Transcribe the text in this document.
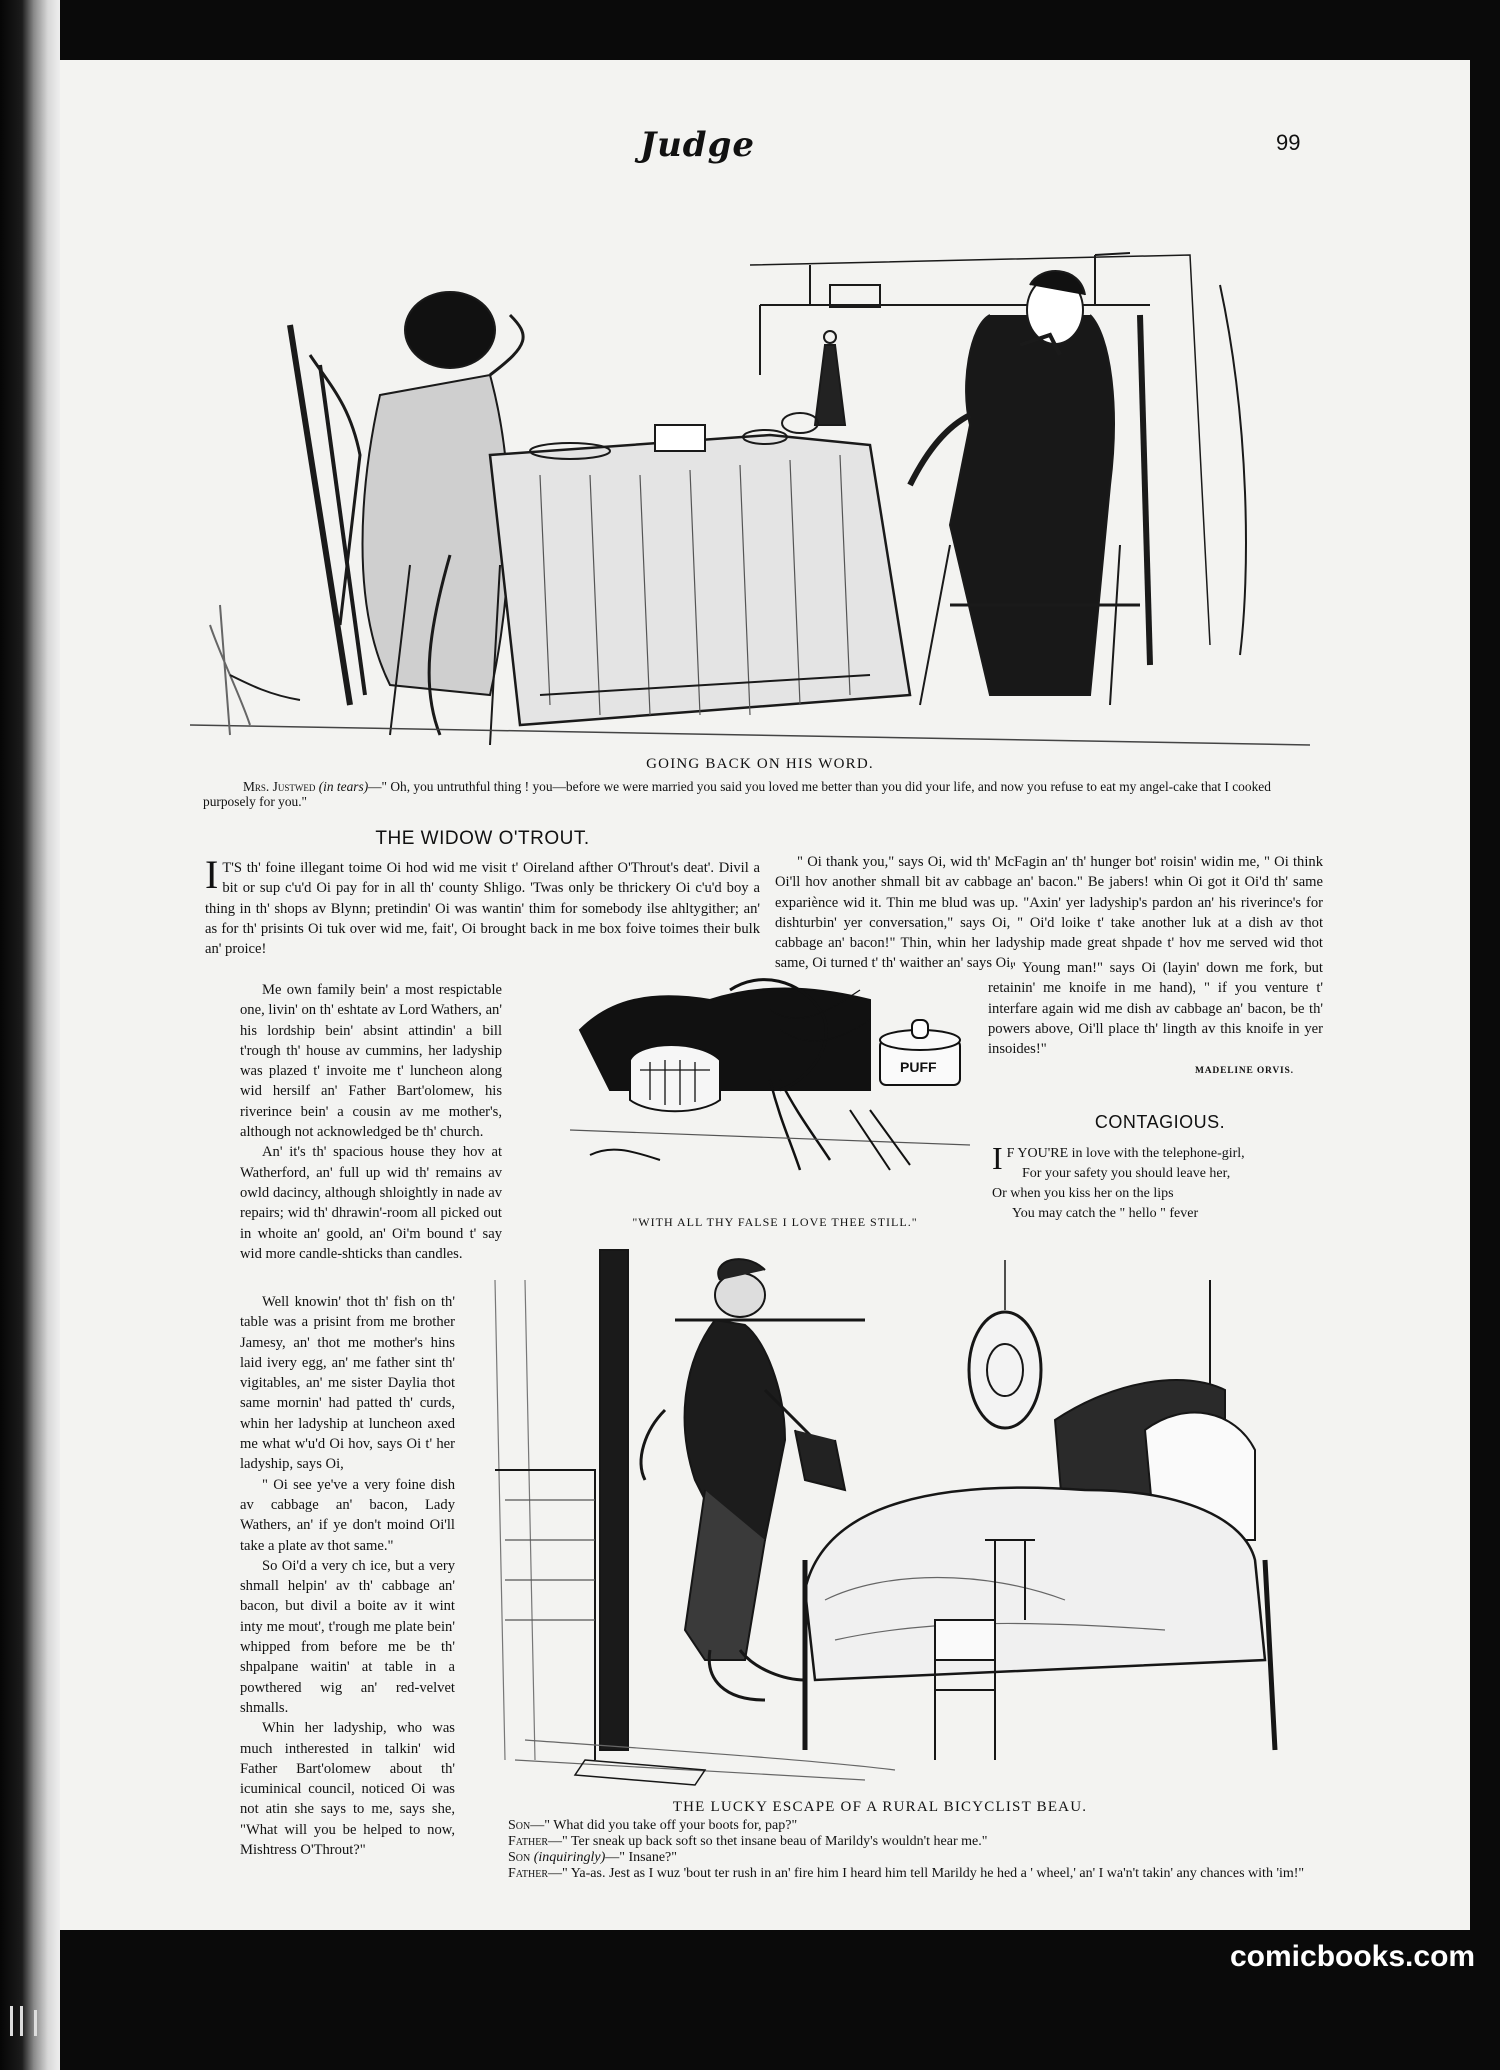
Judge	99
GOING BACK ON HIS WORD.
Mrs. Justwed (in tears)—" Oh, you untruthful thing ! you—before we were married you said you loved me better than you did your life, and now you refuse to eat my angel-cake that I cooked purposely for you."
THE WIDOW O'TROUT.

I T'S th' foine illegant toime Oi hod wid me visit t' Oireland afther O'Throut's deat'. Divil a bit or sup c'u'd Oi pay for in all th' county Shligo. 'Twas only be thrickery Oi c'u'd boy a thing in th' shops av Blynn; pretindin' Oi was wantin' thim for somebody ilse ahltygither; an' as for th' prisints Oi tuk over wid me, fait', Oi brought back in me box foive toimes their bulk an' proice!

Me own family bein' a most respictable one, livin' on th' eshtate av Lord Wathers, an' his lordship bein' absint attindin' a bill t'rough th' house av cummins, her ladyship was plazed t' invoite me t' luncheon along wid hersilf an' Father Bart'olomew, his riverince bein' a cousin av me mother's, although not acknowledged be th' church.

An' it's th' spacious house they hov at Watherford, an' full up wid th' remains av owld dacincy, although shloightly in nade av repairs; wid th' dhrawin'-room all picked out in whoite an' goold, an' Oi'm bound t' say wid more candle-shticks than candles.

Well knowin' thot th' fish on th' table was a prisint from me brother Jamesy, an' thot me mother's hins laid ivery egg, an' me father sint th' vigitables, an' me sister Daylia thot same mornin' had patted th' curds, whin her ladyship at luncheon axed me what w'u'd Oi hov, says Oi t' her ladyship, says Oi,

" Oi see ye've a very foine dish av cabbage an' bacon, Lady Wathers, an' if ye don't moind Oi'll take a plate av thot same."

So Oi'd a very ch ice, but a very shmall helpin' av th' cabbage an' bacon, but divil a boite av it wint inty me mout', t'rough me plate bein' whipped from before me be th' shpalpane waitin' at table in a powthered wig an' red-velvet shmalls.

Whin her ladyship, who was much intherested in talkin' wid Father Bart'olomew about th' icuminical council, noticed Oi was not atin she says to me, says she, "What will you be helped to now, Mishtress O'Throut?"

" Oi thank you," says Oi, wid th' McFagin an' th' hunger bot' roisin' widin me, " Oi think Oi'll hov another shmall bit av cabbage an' bacon." Be jabers! whin Oi got it Oi'd th' same expariènce wid it. Thin me blud was up. "Axin' yer ladyship's pardon an' his riverince's for dishturbin' yer conversation," says Oi, " Oi'd loike t' take another luk at a dish av thot cabbage an' bacon!" Thin, whin her ladyship made great shpade t' hov me served wid thot same, Oi turned t' th' waither an' says Oi,

" Young man!" says Oi (layin' down me fork, but retainin' me knoife in me hand), " if you venture t' interfare again wid me dish av cabbage an' bacon, be th' powers above, Oi'll place th' lingth av this knoife in yer insoides!"

MADELINE ORVIS.
PUFF
"WITH ALL THY FALSE I LOVE THEE STILL."
CONTAGIOUS.
I F YOU'RE in love with the telephone-girl,
For your safety you should leave her,
Or when you kiss her on the lips
You may catch the " hello " fever
THE LUCKY ESCAPE OF A RURAL BICYCLIST BEAU.
Son—" What did you take off your boots for, pap?"
Father—" Ter sneak up back soft so thet insane beau of Marildy's wouldn't hear me."
Son (inquiringly)—" Insane?"
Father—" Ya-as. Jest as I wuz 'bout ter rush in an' fire him I heard him tell Marildy he hed a ' wheel,' an' I wa'n't takin' any chances with 'im!"
comicbooks.com
